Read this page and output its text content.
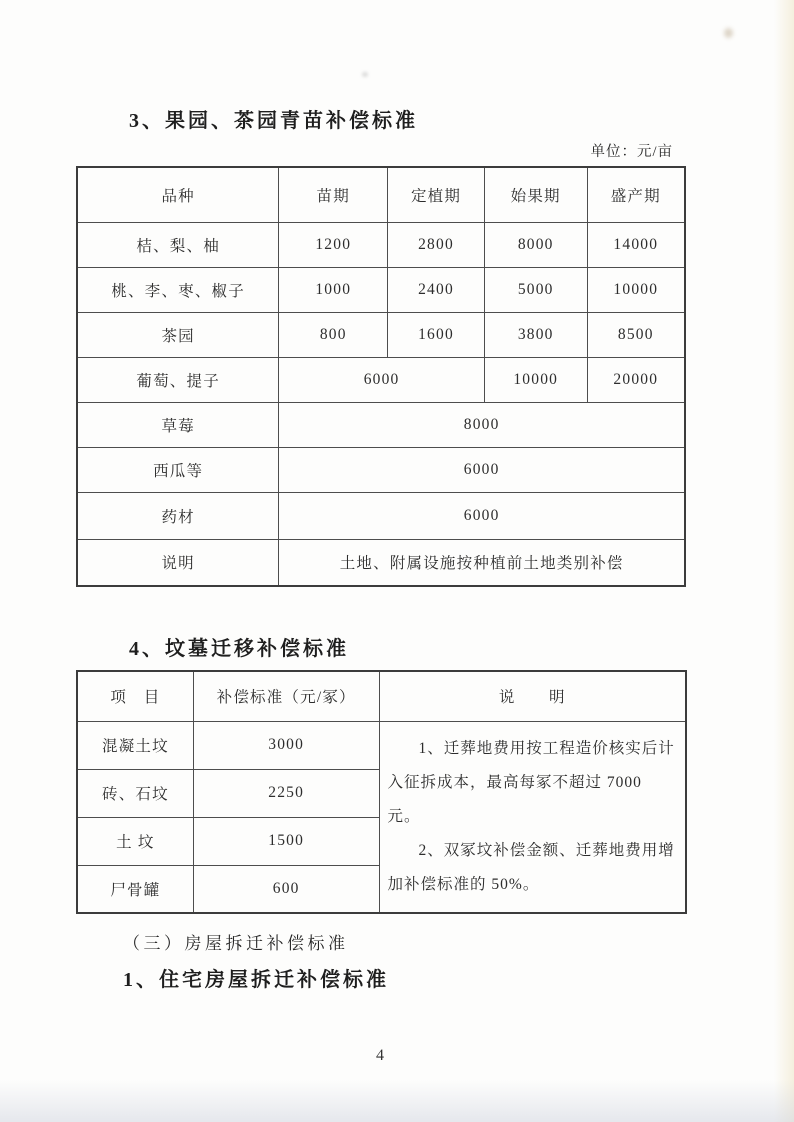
3、果园、茶园青苗补偿标准
单位：元/亩
品种	苗期	定植期	始果期	盛产期
桔、梨、柚	1200	2800	8000	14000
桃、李、枣、椒子	1000	2400	5000	10000
茶园	800	1600	3800	8500
葡萄、提子	6000		10000	20000
草莓	8000			
西瓜等	6000			
药材	6000			
说明	土地、附属设施按种植前土地类别补偿			
4、坟墓迁移补偿标准
项　目	补偿标准（元/冢）	说　　明
混凝土坟	3000	1、迁葬地费用按工程造价核实后计入征拆成本，最高每冢不超过 7000 元。

2、双冢坟补偿金额、迁葬地费用增加补偿标准的 50%。

砖、石坟	2250	
土 坟	1500	
尸骨罐	600	
（三）房屋拆迁补偿标准
1、住宅房屋拆迁补偿标准
4
